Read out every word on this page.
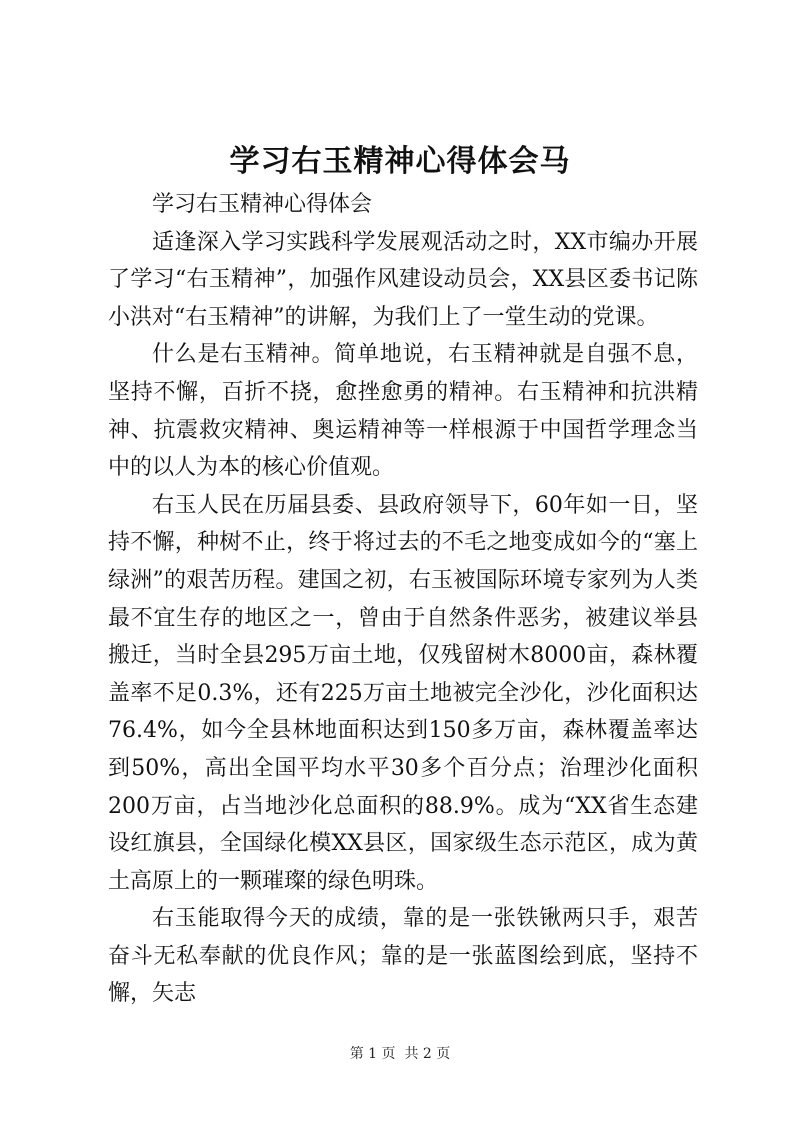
学习右玉精神心得体会马

学习右玉精神心得体会

适逢深入学习实践科学发展观活动之时，XX市编办开展了学习“右玉精神”，加强作风建设动员会，XX县区委书记陈小洪对“右玉精神”的讲解，为我们上了一堂生动的党课。

什么是右玉精神。简单地说，右玉精神就是自强不息，坚持不懈，百折不挠，愈挫愈勇的精神。右玉精神和抗洪精神、抗震救灾精神、奥运精神等一样根源于中国哲学理念当中的以人为本的核心价值观。

右玉人民在历届县委、县政府领导下，60年如一日，坚持不懈，种树不止，终于将过去的不毛之地变成如今的“塞上绿洲”的艰苦历程。建国之初，右玉被国际环境专家列为人类最不宜生存的地区之一，曾由于自然条件恶劣，被建议举县搬迁，当时全县295万亩土地，仅残留树木8000亩，森林覆盖率不足0.3%，还有225万亩土地被完全沙化，沙化面积达76.4%，如今全县林地面积达到150多万亩，森林覆盖率达到50%，高出全国平均水平30多个百分点；治理沙化面积200万亩，占当地沙化总面积的88.9%。成为“XX省生态建设红旗县，全国绿化模XX县区，国家级生态示范区，成为黄土高原上的一颗璀璨的绿色明珠。

右玉能取得今天的成绩，靠的是一张铁锹两只手，艰苦奋斗无私奉献的优良作风；靠的是一张蓝图绘到底，坚持不懈，矢志

第 1 页 共 2 页
